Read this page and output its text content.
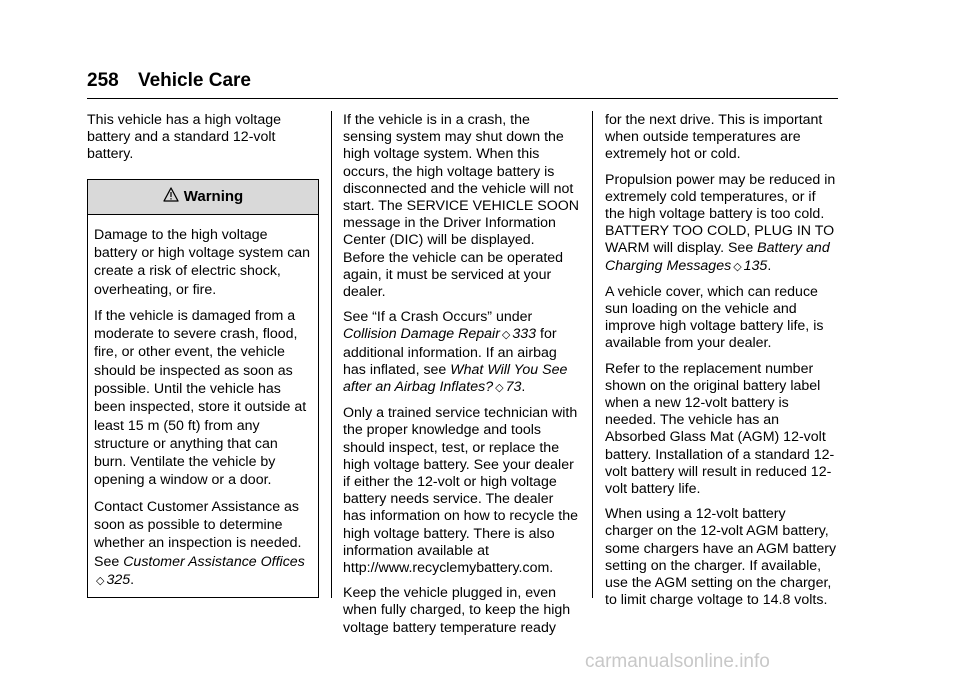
258 Vehicle Care

This vehicle has a high voltage battery and a standard 12-volt battery.

Warning

Damage to the high voltage battery or high voltage system can create a risk of electric shock, overheating, or fire.

If the vehicle is damaged from a moderate to severe crash, flood, fire, or other event, the vehicle should be inspected as soon as possible. Until the vehicle has been inspected, store it outside at least 15 m (50 ft) from any structure or anything that can burn. Ventilate the vehicle by opening a window or a door.

Contact Customer Assistance as soon as possible to determine whether an inspection is needed. See Customer Assistance Offices
◇ 325.

If the vehicle is in a crash, the sensing system may shut down the high voltage system. When this occurs, the high voltage battery is disconnected and the vehicle will not start. The SERVICE VEHICLE SOON message in the Driver Information Center (DIC) will be displayed. Before the vehicle can be operated again, it must be serviced at your dealer.

See “If a Crash Occurs” under Collision Damage Repair ◇ 333 for additional information. If an airbag has inflated, see What Will You See after an Airbag Inflates? ◇ 73.

Only a trained service technician with the proper knowledge and tools should inspect, test, or replace the high voltage battery. See your dealer if either the 12-volt or high voltage battery needs service. The dealer has information on how to recycle the high voltage battery. There is also information available at http://www.recyclemybattery.com.

Keep the vehicle plugged in, even when fully charged, to keep the high voltage battery temperature ready

for the next drive. This is important when outside temperatures are extremely hot or cold.

Propulsion power may be reduced in extremely cold temperatures, or if the high voltage battery is too cold. BATTERY TOO COLD, PLUG IN TO WARM will display. See Battery and Charging Messages ◇ 135.

A vehicle cover, which can reduce sun loading on the vehicle and improve high voltage battery life, is available from your dealer.

Refer to the replacement number shown on the original battery label when a new 12-volt battery is needed. The vehicle has an Absorbed Glass Mat (AGM) 12-volt battery. Installation of a standard 12-volt battery will result in reduced 12-volt battery life.

When using a 12-volt battery charger on the 12-volt AGM battery, some chargers have an AGM battery setting on the charger. If available, use the AGM setting on the charger, to limit charge voltage to 14.8 volts.

carmanualsonline.info
